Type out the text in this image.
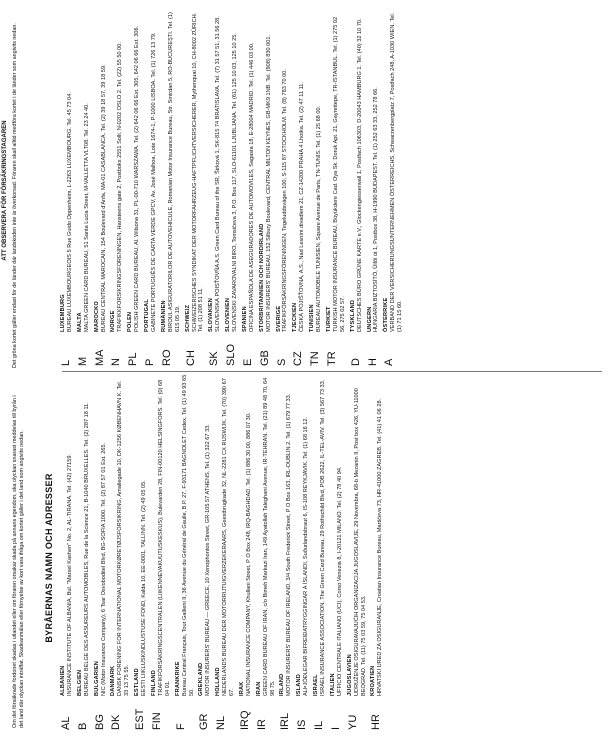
Om det försäkrade fordonet skadas i utlandet eller om föraren orsakar skada på annans egendom, ska olyckan snarast meddelas till byrån i det land där olyckan inträffat. Skadeanmälan eller förnyelse av kort vara ifråga om kortet gäller i det land som angivits nedan. BYRÅERNAS NAMN OCH ADRESSER
ATT OBSERVERA FÖR FÖRSÄKRINGSTAGAREN Det gröna kortet gäller endast för de länder där landskoden inte är överkorsad. Föraren skall alltid medföra kortet i de länder som angivits nedan.
AL
ALBANIEN INSURANCE INSTITUTE OF ALBANIA, Bul. "Marsel Kashen" No. 2, AL-TIRANA. Tel. (42) 27159.
B
BELGIEN BUREAU BELGE DES ASSUREURS AUTOMOBILES, Rue de la Science 21, B-1040 BRUXELLES. Tel. (2) 287 18 11.
BG
BULGARIEN NIC (Motor Insurance Company), 6 Tsar Osvoboditel Blvd, BG-SOFIA 1000. Tel. (2) 87 57 01 Ext. 265.
DK
DANMARK DANSK FORENING FOR INTERNATIONAL MOTORKØRETØJSFORSIKRING, Amaliegade 10, DK-1256 KØBENHAVN K. Tel. 33 13 75 55.
EST
ESTLAND EESTI LIIKLUSKINDLUSTUSE FOND, Kalda 10, EE-0001, TALLINN. Tel. (2) 49 05 05.
FIN
FINLAND TRAFIKFÖRSÄKRINGSCENTRALEN (LIIKENNEVAKUUTUSKESKUS), Bulevarden 28, FIN-00120 HELSINGFORS. Tel. (0) 68 04 01.
F
FRANKRIKE Bureau Central Français, Tour Gallieni II, 36 Avenue du Général de Gaulle, B.P. 27, F-93171 BAGNOLET Cedex. Tel. (1) 49 93 65 50.
GR
GREKLAND MOTOR INSURERS' BUREAU — GREECE, 10 Xenophontos Street, GR-105 57 ATHENS. Tel. (1) 322 67 33.
NL
HOLLAND NEDERLANDS BUREAU DER MOTORRIJTUIGVERZEKERAARS, Geestbrugkade 32, NL-2281 CX RIJSWIJK. Tel. (70) 390 67 67.
IRQ
IRAK NATIONAL INSURANCE COMPANY, Khullani Street, P O Box 248, IRQ-BAGHDAD. Tel. (1) 886 30 00, 886 07 30.
IR
IRAN GREEN CARD BUREAU OF IRAN, c/o Bimeh Markazi Iran, 149 Ayatollah Taleghani Avenue, IR-TEHRAN. Tel. (21) 89 48 70, 64 98 75.
IRL
IRLAND MOTOR INSURERS' BUREAU OF IRELAND, 3/4 South Frederick Street, P O Box 163, IRL-DUBLIN 2. Tel. (1) 679 77 33.
IS
ISLAND ALÞJÓÐLEGAR BIFREIÐATRYGGINGAR Á ÍSLANDI, Suðurlandsbraut 6, IS-108 REYKJAVIK. Tel. (1) 68 16 12.
IL
ISRAEL ISRAEL INSURANCE ASSOCIATION, The Green Card Bureau, 29 Rothschild Blvd, POB 2622, IL-TEL-AVIV. Tel. (3) 567 73 33.
I
ITALIEN UFFICIO CENTRALE ITALIANO (UCI), Corso Venezia 8, I-20121 MILANO. Tel. (2) 78 40 94.
YU
JUGOSLAVIEN UDRUŽENJE OSIGURAVAJUĆIH ORGANIZACIJA JUGOSLAVIJE, 29 Novembra, 68-b Mezanin II, Post box 426, YU-11000 BEOGRAD. Tel. (11) 75 03 59, 75 04 53.
HR
KROATIEN HRVATSKI URED ZA OSIGURANJE, Croatian Insurance Bureau, Martićeva 73, HR-41000 ZAGREB. Tel. (41) 41 06 28.
L
LUXEMBURG BUREAU LUXEMBOURGEOIS 5 Rue Guido Oppenheim, L-2263 LUXEMBOURG. Tel. 45 73 04.
M
MALTA MALTA GREEN CARD BUREAU, 51 Santa Lucia Street, M-VALLETTA VLT08. Tel. 23 24 40.
MA
MAROCKO BUREAU CENTRAL MAROCAIN, 154 Boulevard d'Anfa, MA-01 CASABLANCA. Tel. (2) 39 18 57, 39 18 59.
N
NORGE TRAFIKKFORSIKRINGSFORENINGEN, Hansteens gate 2, Postboks 2551 Solli, N-0202 OSLO 2. Tel. (22) 55 50 00.
PL
POLEN POLISH GREEN CARD BUREAU, Al. Wilsona 31, PL-00-710 WARSZAWA. Tel. (2) 642 06 66 Ext. 305, 642 06 66 Ext. 306.
P
PORTUGAL GABINETE PORTUGUÊS DE CARTA VERDE GPCV, Av. José Malhoa, Lote 1674-1, P-1000 LISBOA. Tel. (1) 726 13 79.
RO
RUMÄNIEN BIROUL ASIGURATORILOR DE AUTOVEHICULE, Romanian Motor Insurance Bureau, Str. Smirdan 5, RO-BUCUREŞTI. Tel. (1) 615 05 19.
CH
SCHWEIZ SCHWEIZERISCHES SYNDIKAT DER MOTORFAHRZEUG-HAFTPFLICHTVERSICHERER, Mythenquai 10, CH-8002 ZÜRICH. Tel. (1) 208 51 11.
SK
SLOVAKIEN SLOVENSKÁ POISŤOVŇA A.S. Green Card Bureau of the SR, Štrková 1, SK-815 74 BRATISLAVA. Tel. (7) 31 57 51, 31 56 28.
SLO
SLOVENIEN SLOVENSKI ZAVAROVALNI BIRO, Tomsičeva 3, P.O. Box 117, SLO-61101 LJUBLJANA. Tel. (61) 125 10 03, 125 10 25.
E
SPANIEN OFICINA ESPAÑOLA DE ASEGURADORES DE AUTOMOVILES, Sagasta 18, E-28004 MADRID. Tel. (1) 446 03 00.
GB
STORBRITANNIEN OCH NORDIRLAND MOTOR INSURERS' BUREAU, 152 Silbury Boulevard, CENTRAL MILTON KEYNES, GB-MK9 1NB. Tel. (908) 830 001.
S
SVERIGE TRAFIKFÖRSÄKRINGSFÖRENINGEN, Tegeluddsvägen 100, S-115 87 STOCKHOLM. Tel. (8) 783 70 00.
CZ
TJECKIEN ČESKÁ POJIŠŤOVNA, A.S., Nad Lesním divadlem 21, CZ-14200 PRAHA 4 Lhotka. Tel. (2) 47 11 11.
TN
TUNISIEN BUREAU AUTOMOBILE TUNISIEN, Square Avenue de Paris, TN-TUNIS. Tel. (1) 25 68 00.
TR
TURKIET TURKISH MOTOR INSURANCE BUREAU, Büyükdere Cad. Oya Sk. Doruk Apt. 21, Gayrettepe, TR-ISTANBUL. Tel. (1) 275 02 56, 275 02 57.
D
TYSKLAND DEUTSCHES BÜRO GRÜNE KARTE e.V., Glockengiesserwall 1, Postfach 106303, D-20043 HAMBURG 1. Tel. (40) 32 10 70.
H
UNGERN HUNGARIA BIZTOSÍTÓ, Üllői út 1, Postbox 38, H-1990 BUDAPEST. Tel. (1) 252 63 33, 252 78 66.
A
ÖSTERRIKE VERBAND DER VERSICHERUNGSUNTERNEHMEN ÖSTERREICHS, Schwarzenbergplatz 7, Postfach 248, A-1030 WIEN. Tel. (1) 71 15 60.
